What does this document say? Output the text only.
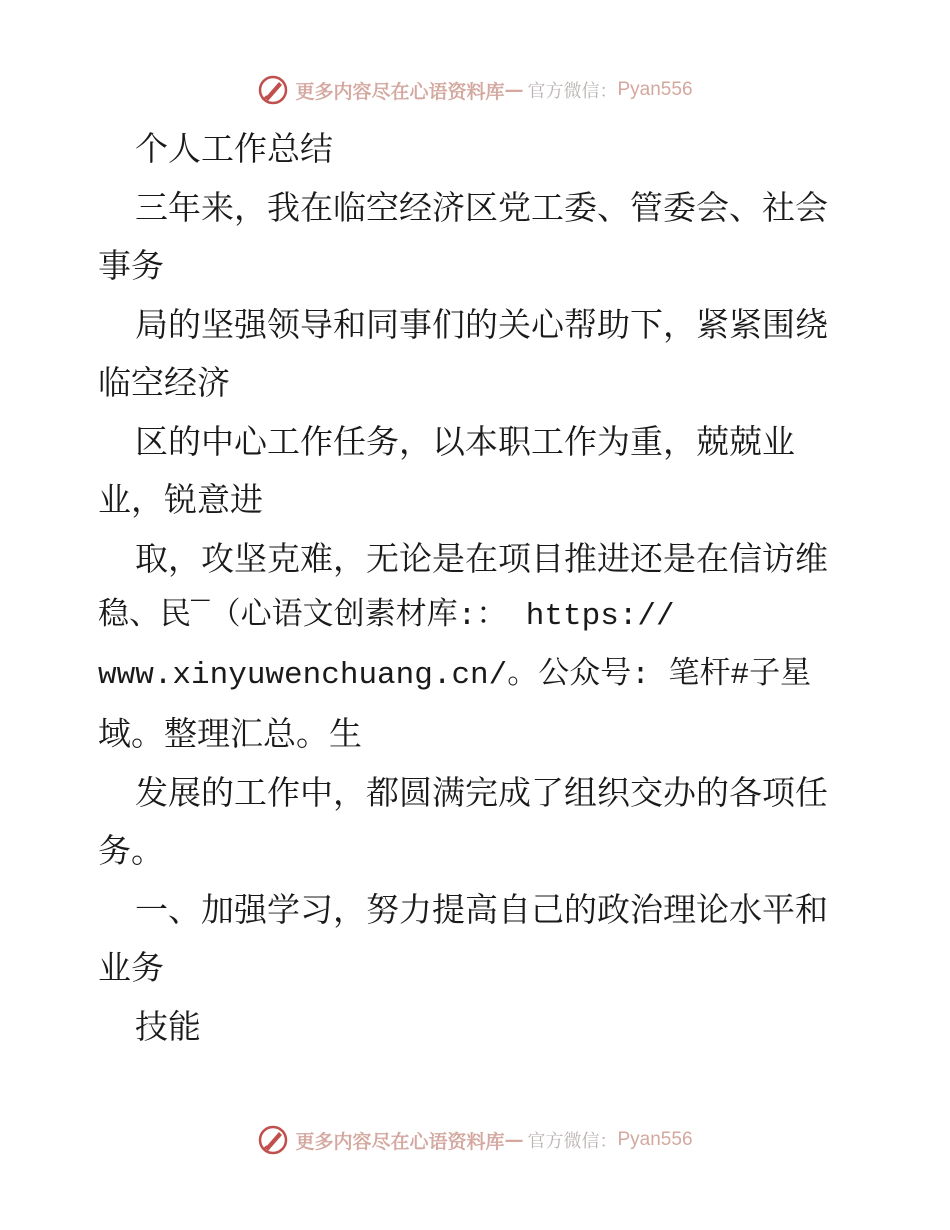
更多内容尽在心语资料库 — 官方微信： Pyan556
个人工作总结
三年来，我在临空经济区党工委、管委会、社会
事务
局的坚强领导和同事们的关心帮助下，紧紧围绕
临空经济
区的中心工作任务，以本职工作为重，兢兢业
业，锐意进
取，攻坚克难，无论是在项目推进还是在信访维
稳、民¯（心语文创素材库:： https://
www.xinyuwenchuang.cn/。公众号: 笔杆#子星
域。整理汇总。生
发展的工作中，都圆满完成了组织交办的各项任
务。
一、加强学习，努力提高自己的政治理论水平和
业务
技能
更多内容尽在心语资料库 — 官方微信： Pyan556
